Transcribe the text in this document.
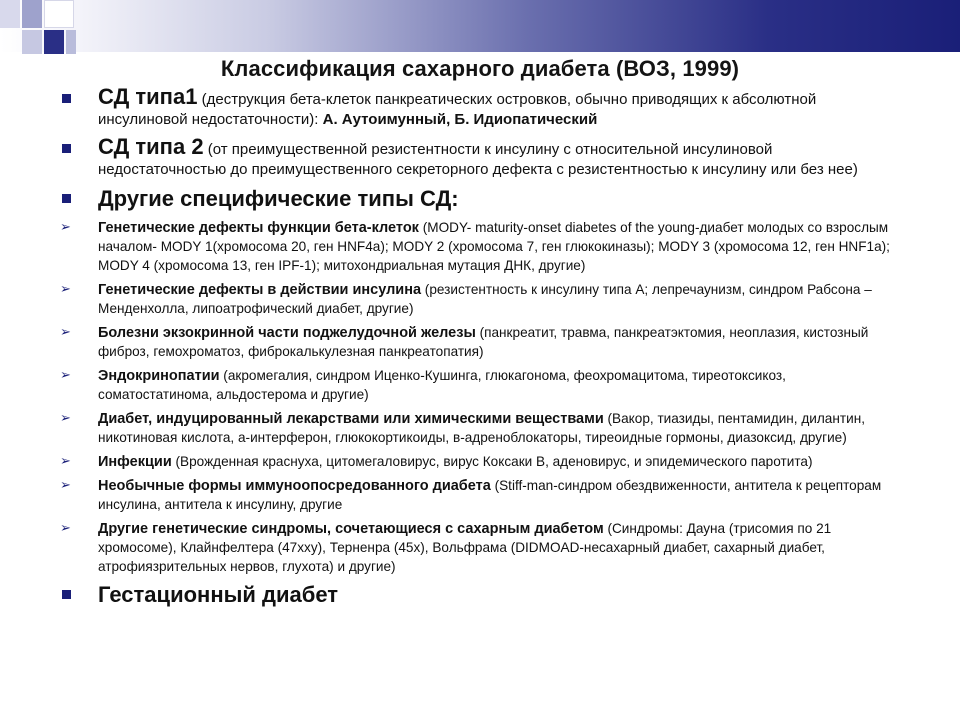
Классификация сахарного диабета (ВОЗ, 1999)
СД типа1 (деструкция бета-клеток панкреатических островков, обычно приводящих к абсолютной инсулиновой недостаточности): А. Аутоимунный, Б. Идиопатический
СД типа 2 (от преимущественной резистентности к инсулину с относительной инсулиновой недостаточностью до преимущественного секреторного дефекта с резистентностью к инсулину или без нее)
Другие специфические типы СД:
➢ Генетические дефекты функции бета-клеток (MODY- maturity-onset diabetes of the young-диабет молодых со взрослым началом- MODY 1(хромосома 20, ген HNF4a); MODY 2 (хромосома 7, ген глюкокиназы); MODY 3 (хромосома 12, ген HNF1a); MODY 4 (хромосома 13, ген IPF-1); митохондриальная мутация ДНК, другие)
➢ Генетические дефекты в действии инсулина (резистентность к инсулину типа А; лепречаунизм, синдром Рабсона –Менденхолла, липоатрофический диабет, другие)
➢ Болезни экзокринной части поджелудочной железы (панкреатит, травма, панкреатэктомия, неоплазия, кистозный фиброз, гемохроматоз, фиброкалькулезная панкреатопатия)
➢ Эндокринопатии (акромегалия, синдром Иценко-Кушинга, глюкагонома, феохромацитома, тиреотоксикоз, соматостатинома, альдостерома и другие)
➢ Диабет, индуцированный лекарствами или химическими веществами (Вакор, тиазиды, пентамидин, дилантин, никотиновая кислота, а-интерферон, глюкокортикоиды, в-адреноблокаторы, тиреоидные гормоны, диазоксид, другие)
➢ Инфекции (Врожденная краснуха, цитомегаловирус, вирус Коксаки В, аденовирус, и эпидемического паротита)
➢ Необычные формы иммуноопосредованного диабета (Stiff-man-синдром обездвиженности, антитела к рецепторам инсулина, антитела к инсулину, другие
➢ Другие генетические синдромы, сочетающиеся с сахарным диабетом (Синдромы: Дауна (трисомия по 21 хромосоме), Клайнфелтера (47ххy), Терненра (45х), Вольфрама (DIDMOAD-несахарный диабет, сахарный диабет, атрофиязрительных нервов, глухота) и другие)
Гестационный диабет
